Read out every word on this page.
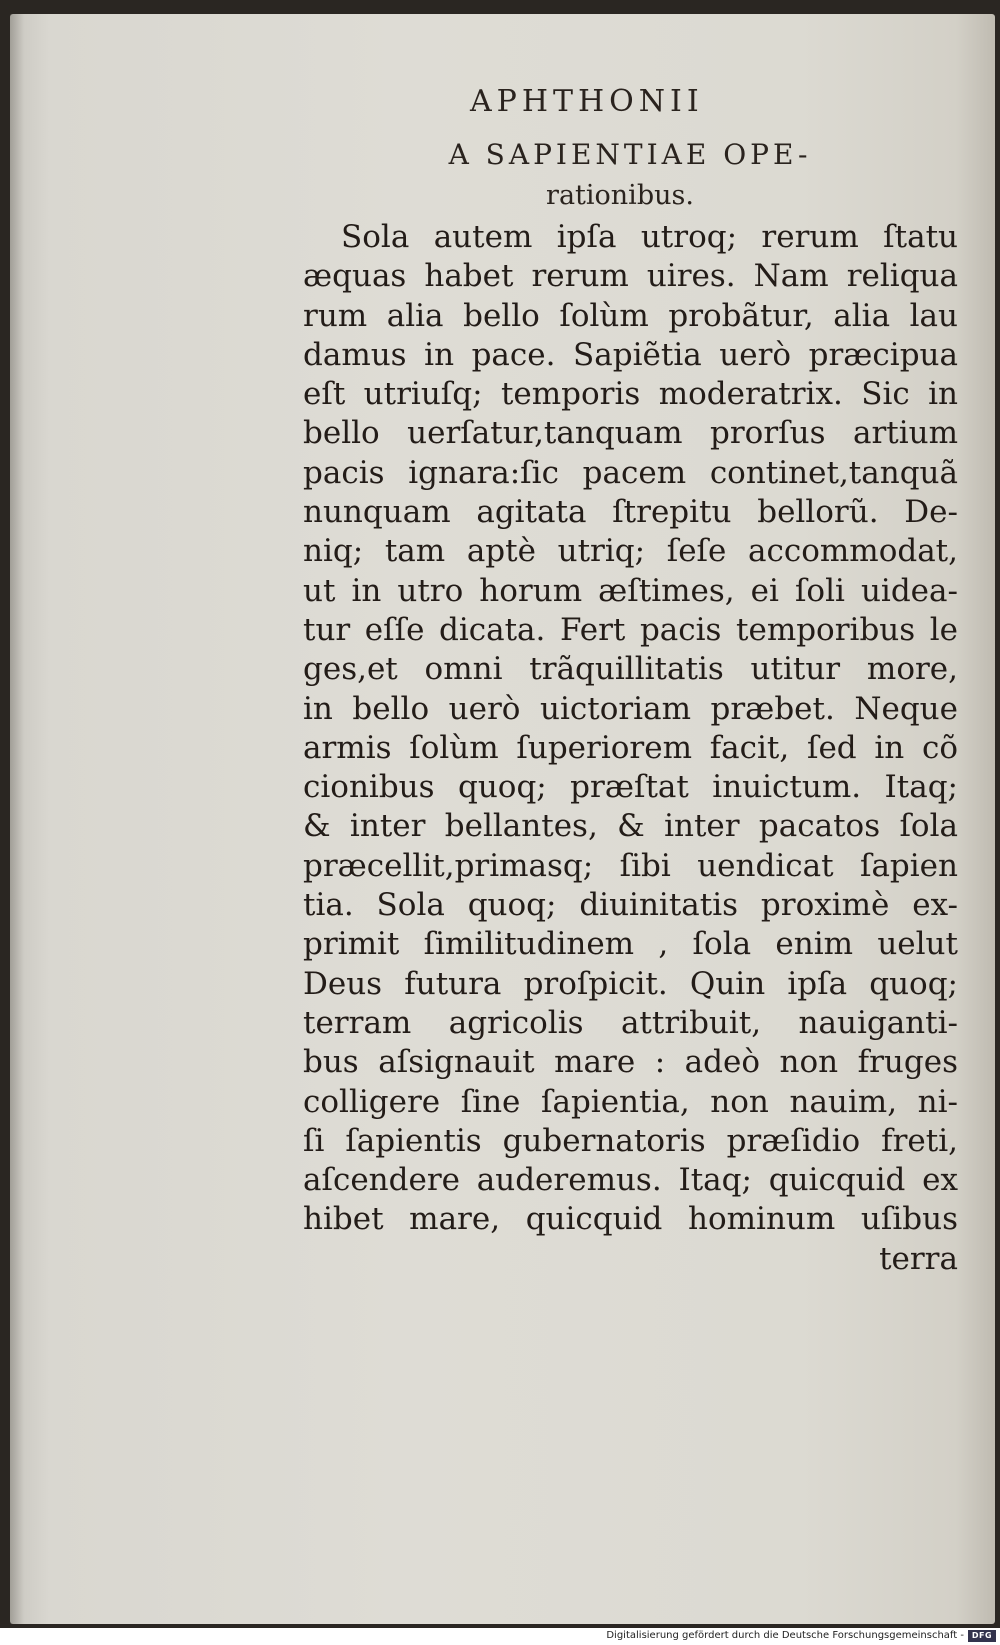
APHTHONII
A SAPIENTIAE OPE-
rationibus.
Sola autem ipſa utroq; rerum ſtatu
æquas habet rerum uires. Nam reliqua
rum alia bello ſolùm probãtur, alia lau
damus in pace. Sapiẽtia uerò præcipua
eſt utriuſq; temporis moderatrix. Sic in
bello uerſatur,tanquam prorſus artium
pacis ignara:ſic pacem continet,tanquã
nunquam agitata ſtrepitu bellorũ. De-
niq; tam aptè utriq; ſeſe accommodat,
ut in utro horum æſtimes, ei ſoli uidea-
tur eſſe dicata. Fert pacis temporibus le
ges,et omni trãquillitatis utitur more,
in bello uerò uictoriam præbet. Neque
armis ſolùm ſuperiorem facit, ſed in cõ
cionibus quoq; præſtat inuictum. Itaq;
& inter bellantes, & inter pacatos ſola
præcellit,primasq; ſibi uendicat ſapien
tia. Sola quoq; diuinitatis proximè ex-
primit ſimilitudinem , ſola enim uelut
Deus futura proſpicit. Quin ipſa quoq;
terram agricolis attribuit, nauiganti-
bus aſsignauit mare : adeò non fruges
colligere ſine ſapientia, non nauim, ni-
ſi ſapientis gubernatoris præſidio freti,
aſcendere auderemus. Itaq; quicquid ex
hibet mare, quicquid hominum uſibus
terra
Digitalisierung gefördert durch die Deutsche Forschungsgemeinschaft - DFG
